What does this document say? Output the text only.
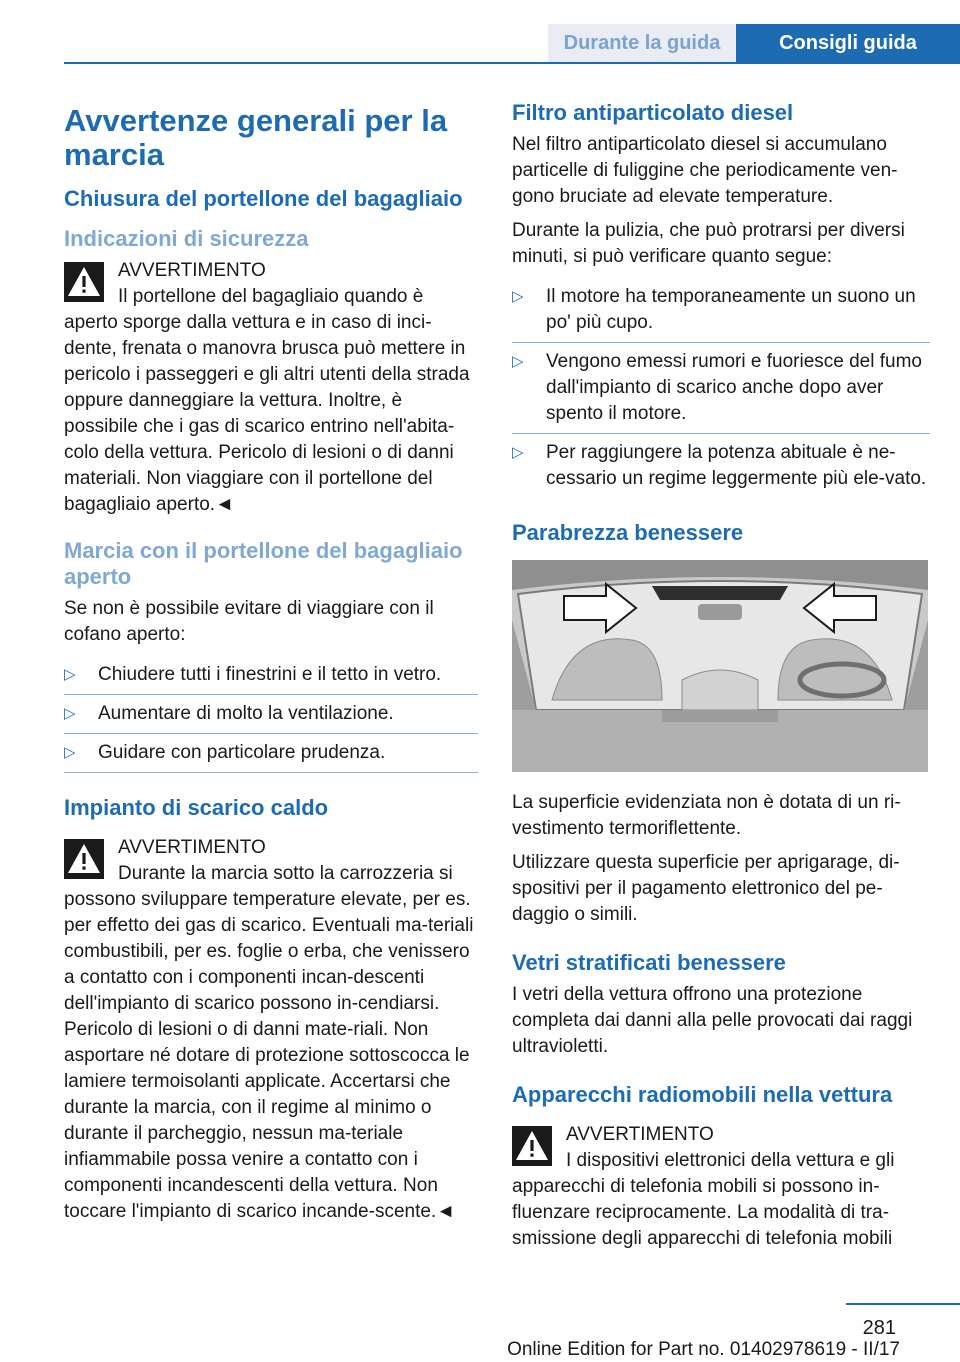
Durante la guida	Consigli guida
Avvertenze generali per la marcia
Chiusura del portellone del bagagliaio
Indicazioni di sicurezza
AVVERTIMENTO
Il portellone del bagagliaio quando è aperto sporge dalla vettura e in caso di inci‐dente, frenata o manovra brusca può mettere in pericolo i passeggeri e gli altri utenti della strada oppure danneggiare la vettura. Inoltre, è possibile che i gas di scarico entrino nell'abita‐colo della vettura. Pericolo di lesioni o di danni materiali. Non viaggiare con il portellone del bagagliaio aperto.◄
Marcia con il portellone del bagagliaio aperto

Se non è possibile evitare di viaggiare con il cofano aperto:

▷ Chiudere tutti i finestrini e il tetto in vetro.
▷ Aumentare di molto la ventilazione.
▷ Guidare con particolare prudenza.
Impianto di scarico caldo
AVVERTIMENTO
Durante la marcia sotto la carrozzeria si possono sviluppare temperature elevate, per es. per effetto dei gas di scarico. Eventuali ma‐teriali combustibili, per es. foglie o erba, che venissero a contatto con i componenti incan‐descenti dell'impianto di scarico possono in‐cendiarsi. Pericolo di lesioni o di danni mate‐riali. Non asportare né dotare di protezione sottoscocca le lamiere termoisolanti applicate. Accertarsi che durante la marcia, con il regime al minimo o durante il parcheggio, nessun ma‐teriale infiammabile possa venire a contatto con i componenti incandescenti della vettura. Non toccare l'impianto di scarico incande‐scente.◄
Filtro antiparticolato diesel

Nel filtro antiparticolato diesel si accumulano particelle di fuliggine che periodicamente ven‐gono bruciate ad elevate temperature.

Durante la pulizia, che può protrarsi per diversi minuti, si può verificare quanto segue:

▷ Il motore ha temporaneamente un suono un po' più cupo.
▷ Vengono emessi rumori e fuoriesce del fumo dall'impianto di scarico anche dopo aver spento il motore.
▷ Per raggiungere la potenza abituale è ne‐cessario un regime leggermente più ele‐vato.
Parabrezza benessere

La superficie evidenziata non è dotata di un ri‐vestimento termoriflettente.

Utilizzare questa superficie per aprigarage, di‐spositivi per il pagamento elettronico del pe‐daggio o simili.

Vetri stratificati benessere

I vetri della vettura offrono una protezione completa dai danni alla pelle provocati dai raggi ultravioletti.

Apparecchi radiomobili nella vettura
AVVERTIMENTO
I dispositivi elettronici della vettura e gli apparecchi di telefonia mobili si possono in‐fluenzare reciprocamente. La modalità di tra‐smissione degli apparecchi di telefonia mobili
281
Online Edition for Part no. 01402978619 - II/17
